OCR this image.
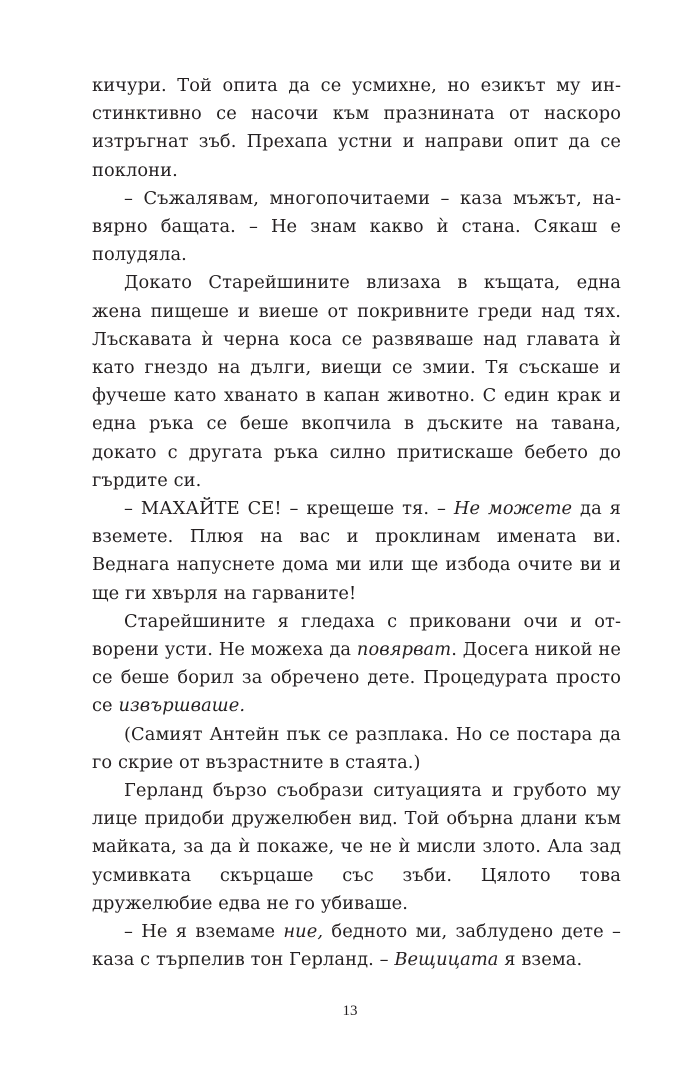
кичури. Той опита да се усмихне, но езикът му инстинктивно се насочи към празнината от наскоро изтръгнат зъб. Прехапа устни и направи опит да се поклони.

– Съжалявам, многопочитаеми – каза мъжът, навярно бащата. – Не знам какво ѝ стана. Сякаш е полудяла.

Докато Старейшините влизаха в къщата, една жена пищеше и виеше от покривните греди над тях. Лъскавата ѝ черна коса се развяваше над главата ѝ като гнездо на дълги, виещи се змии. Тя съскаше и фучеше като хванато в капан животно. С един крак и една ръка се беше вкопчила в дъските на тавана, докато с другата ръка силно притискаше бебето до гърдите си.

– МАХАЙТЕ СЕ! – крещеше тя. – Не можете да я вземете. Плюя на вас и проклинам имената ви. Веднага напуснете дома ми или ще избода очите ви и ще ги хвърля на гарваните!

Старейшините я гледаха с приковани очи и отворени усти. Не можеха да повярват. Досега никой не се беше борил за обречено дете. Процедурата просто се извършваше.

(Самият Антейн пък се разплака. Но се постара да го скрие от възрастните в стаята.)

Герланд бързо съобрази ситуацията и грубото му лице придоби дружелюбен вид. Той обърна длани към майката, за да ѝ покаже, че не ѝ мисли злото. Ала зад усмивката скърцаше със зъби. Цялото това дружелюбие едва не го убиваше.

– Не я вземаме ние, бедното ми, заблудено дете – каза с търпелив тон Герланд. – Вещицата я взема.

13
